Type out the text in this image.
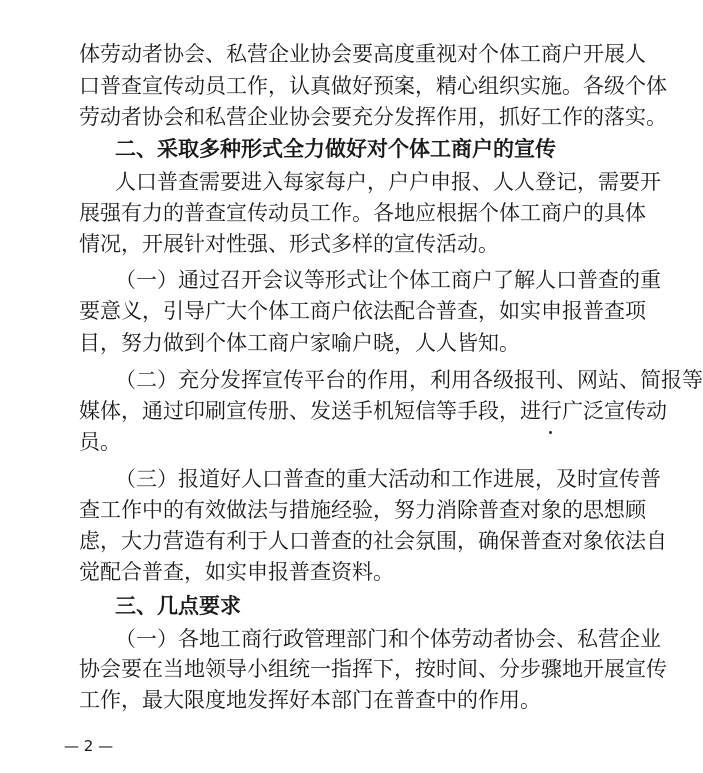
体劳动者协会、私营企业协会要高度重视对个体工商户开展人
口普查宣传动员工作，认真做好预案，精心组织实施。各级个体
劳动者协会和私营企业协会要充分发挥作用，抓好工作的落实。
二、采取多种形式全力做好对个体工商户的宣传
人口普查需要进入每家每户，户户申报、人人登记，需要开
展强有力的普查宣传动员工作。各地应根据个体工商户的具体
情况，开展针对性强、形式多样的宣传活动。
（一）通过召开会议等形式让个体工商户了解人口普查的重
要意义，引导广大个体工商户依法配合普查，如实申报普查项
目，努力做到个体工商户家喻户晓，人人皆知。
（二）充分发挥宣传平台的作用，利用各级报刊、网站、简报等
媒体，通过印刷宣传册、发送手机短信等手段，进行广泛宣传动
员。
（三）报道好人口普查的重大活动和工作进展，及时宣传普
查工作中的有效做法与措施经验，努力消除普查对象的思想顾
虑，大力营造有利于人口普查的社会氛围，确保普查对象依法自
觉配合普查，如实申报普查资料。
三、几点要求
（一）各地工商行政管理部门和个体劳动者协会、私营企业
协会要在当地领导小组统一指挥下，按时间、分步骤地开展宣传
工作，最大限度地发挥好本部门在普查中的作用。
— 2 —
